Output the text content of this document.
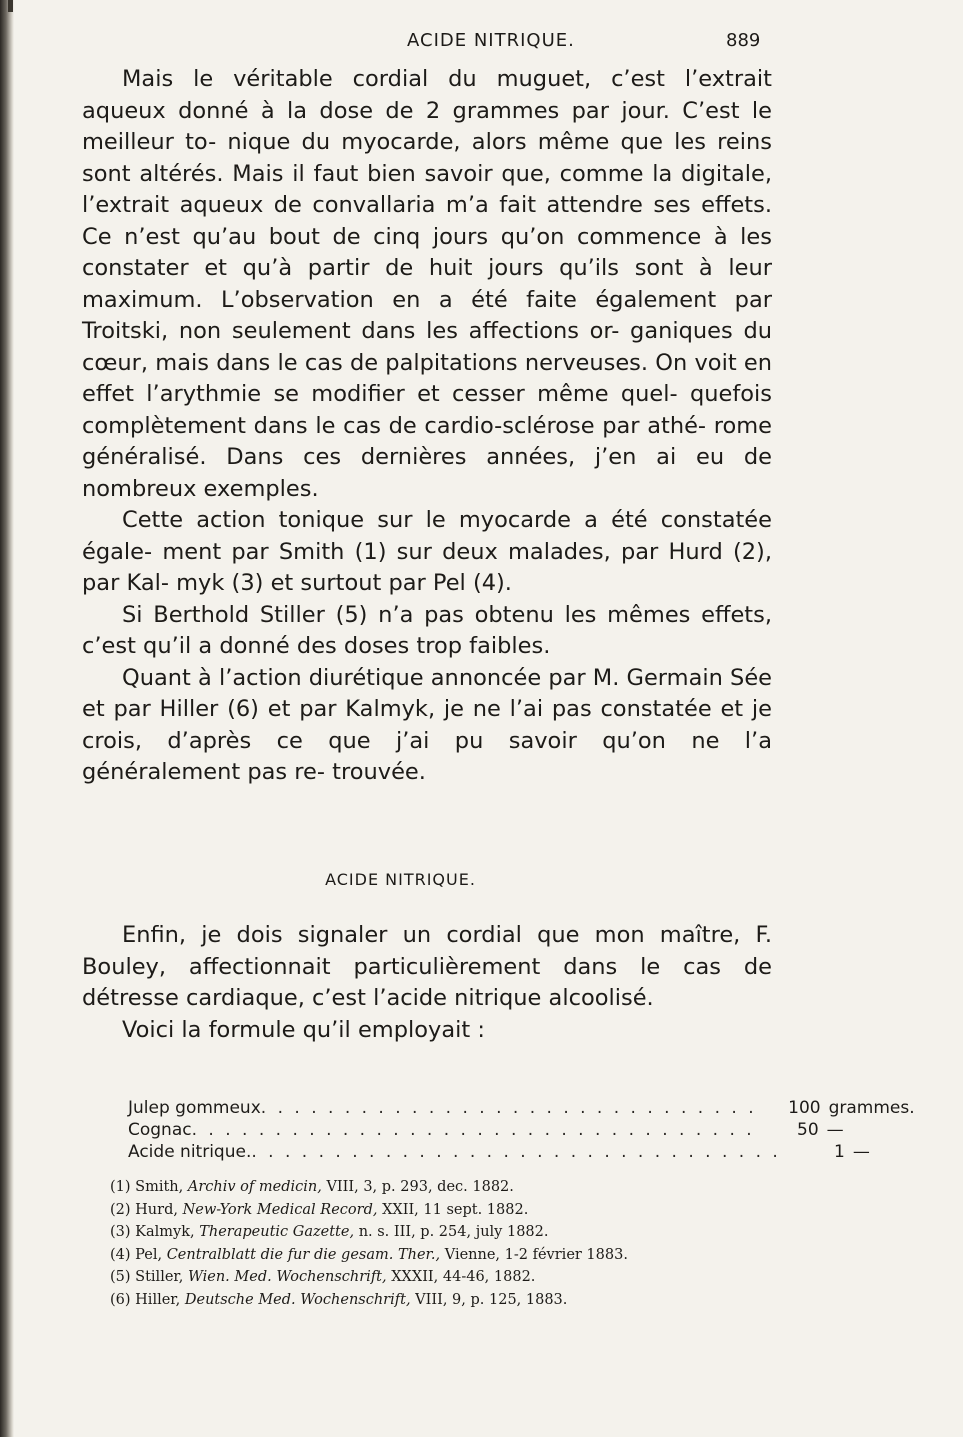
ACIDE NITRIQUE.	889

Mais le véritable cordial du muguet, c’est l’extrait aqueux donné à la dose de 2 grammes par jour. C’est le meilleur to- nique du myocarde, alors même que les reins sont altérés. Mais il faut bien savoir que, comme la digitale, l’extrait aqueux de convallaria m’a fait attendre ses effets. Ce n’est qu’au bout de cinq jours qu’on commence à les constater et qu’à partir de huit jours qu’ils sont à leur maximum. L’observation en a été faite également par Troitski, non seulement dans les affections or- ganiques du cœur, mais dans le cas de palpitations nerveuses. On voit en effet l’arythmie se modifier et cesser même quel- quefois complètement dans le cas de cardio-sclérose par athé- rome généralisé. Dans ces dernières années, j’en ai eu de nombreux exemples.

Cette action tonique sur le myocarde a été constatée égale- ment par Smith (1) sur deux malades, par Hurd (2), par Kal- myk (3) et surtout par Pel (4).

Si Berthold Stiller (5) n’a pas obtenu les mêmes effets, c’est qu’il a donné des doses trop faibles.

Quant à l’action diurétique annoncée par M. Germain Sée et par Hiller (6) et par Kalmyk, je ne l’ai pas constatée et je crois, d’après ce que j’ai pu savoir qu’on ne l’a généralement pas re- trouvée.

ACIDE NITRIQUE.

Enfin, je dois signaler un cordial que mon maître, F. Bouley, affectionnait particulièrement dans le cas de détresse cardiaque, c’est l’acide nitrique alcoolisé.

Voici la formule qu’il employait :

Julep gommeux . . . . . . . . . . . . . . . . . . . . . . . . . . . . . .	100 grammes.
Cognac . . . . . . . . . . . . . . . . . . . . . . . . . . . . . . . . . .	50 —
Acide nitrique. . . . . . . . . . . . . . . . . . . . . . . . . . . . . . . . .	1 —
(1) Smith, Archiv of medicin, VIII, 3, p. 293, dec. 1882.
(2) Hurd, New-York Medical Record, XXII, 11 sept. 1882.
(3) Kalmyk, Therapeutic Gazette, n. s. III, p. 254, july 1882.
(4) Pel, Centralblatt die fur die gesam. Ther., Vienne, 1-2 février 1883.
(5) Stiller, Wien. Med. Wochenschrift, XXXII, 44-46, 1882.
(6) Hiller, Deutsche Med. Wochenschrift, VIII, 9, p. 125, 1883.
